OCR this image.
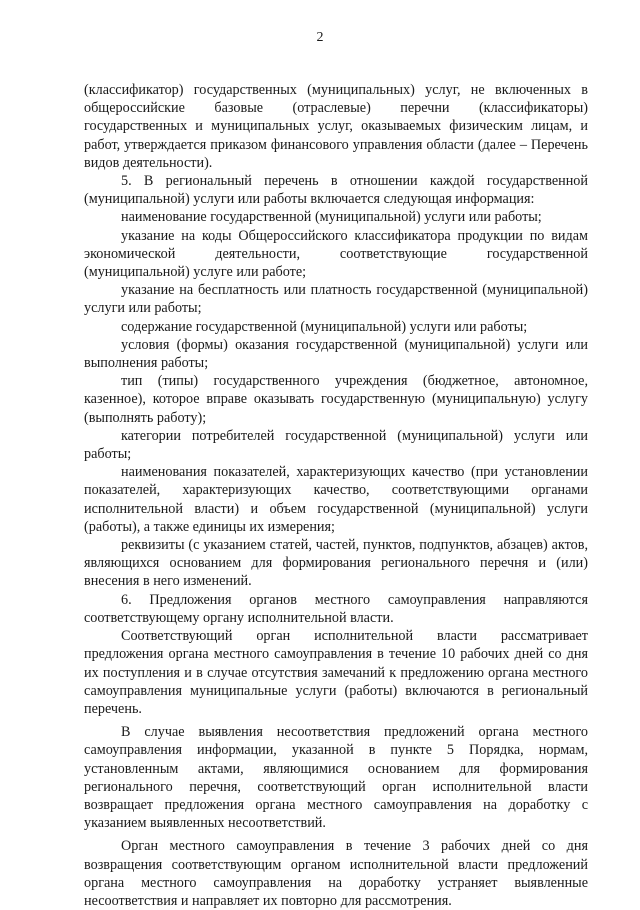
2

(классификатор) государственных (муниципальных) услуг, не включенных в общероссийские базовые (отраслевые) перечни (классификаторы) государственных и муниципальных услуг, оказываемых физическим лицам, и работ, утверждается приказом финансового управления области (далее – Перечень видов деятельности).

5. В региональный перечень в отношении каждой государственной (муниципальной) услуги или работы включается следующая информация:

наименование государственной (муниципальной) услуги или работы;

указание на коды Общероссийского классификатора продукции по видам экономической деятельности, соответствующие государственной (муниципальной) услуге или работе;

указание на бесплатность или платность государственной (муниципальной) услуги или работы;

содержание государственной (муниципальной) услуги или работы;

условия (формы) оказания государственной (муниципальной) услуги или выполнения работы;

тип (типы) государственного учреждения (бюджетное, автономное, казенное), которое вправе оказывать государственную (муниципальную) услугу (выполнять работу);

категории потребителей государственной (муниципальной) услуги или работы;

наименования показателей, характеризующих качество (при установлении показателей, характеризующих качество, соответствующими органами исполнительной власти) и объем государственной (муниципальной) услуги (работы), а также единицы их измерения;

реквизиты (с указанием статей, частей, пунктов, подпунктов, абзацев) актов, являющихся основанием для формирования регионального перечня и (или) внесения в него изменений.

6. Предложения органов местного самоуправления направляются соответствующему органу исполнительной власти.

Соответствующий орган исполнительной власти рассматривает предложения органа местного самоуправления в течение 10 рабочих дней со дня их поступления и в случае отсутствия замечаний к предложению органа местного самоуправления муниципальные услуги (работы) включаются в региональный перечень.

В случае выявления несоответствия предложений органа местного самоуправления информации, указанной в пункте 5 Порядка, нормам, установленным актами, являющимися основанием для формирования регионального перечня, соответствующий орган исполнительной власти возвращает предложения органа местного самоуправления на доработку с указанием выявленных несоответствий.

Орган местного самоуправления в течение 3 рабочих дней со дня возвращения соответствующим органом исполнительной власти предложений органа местного самоуправления на доработку устраняет выявленные несоответствия и направляет их повторно для рассмотрения.
